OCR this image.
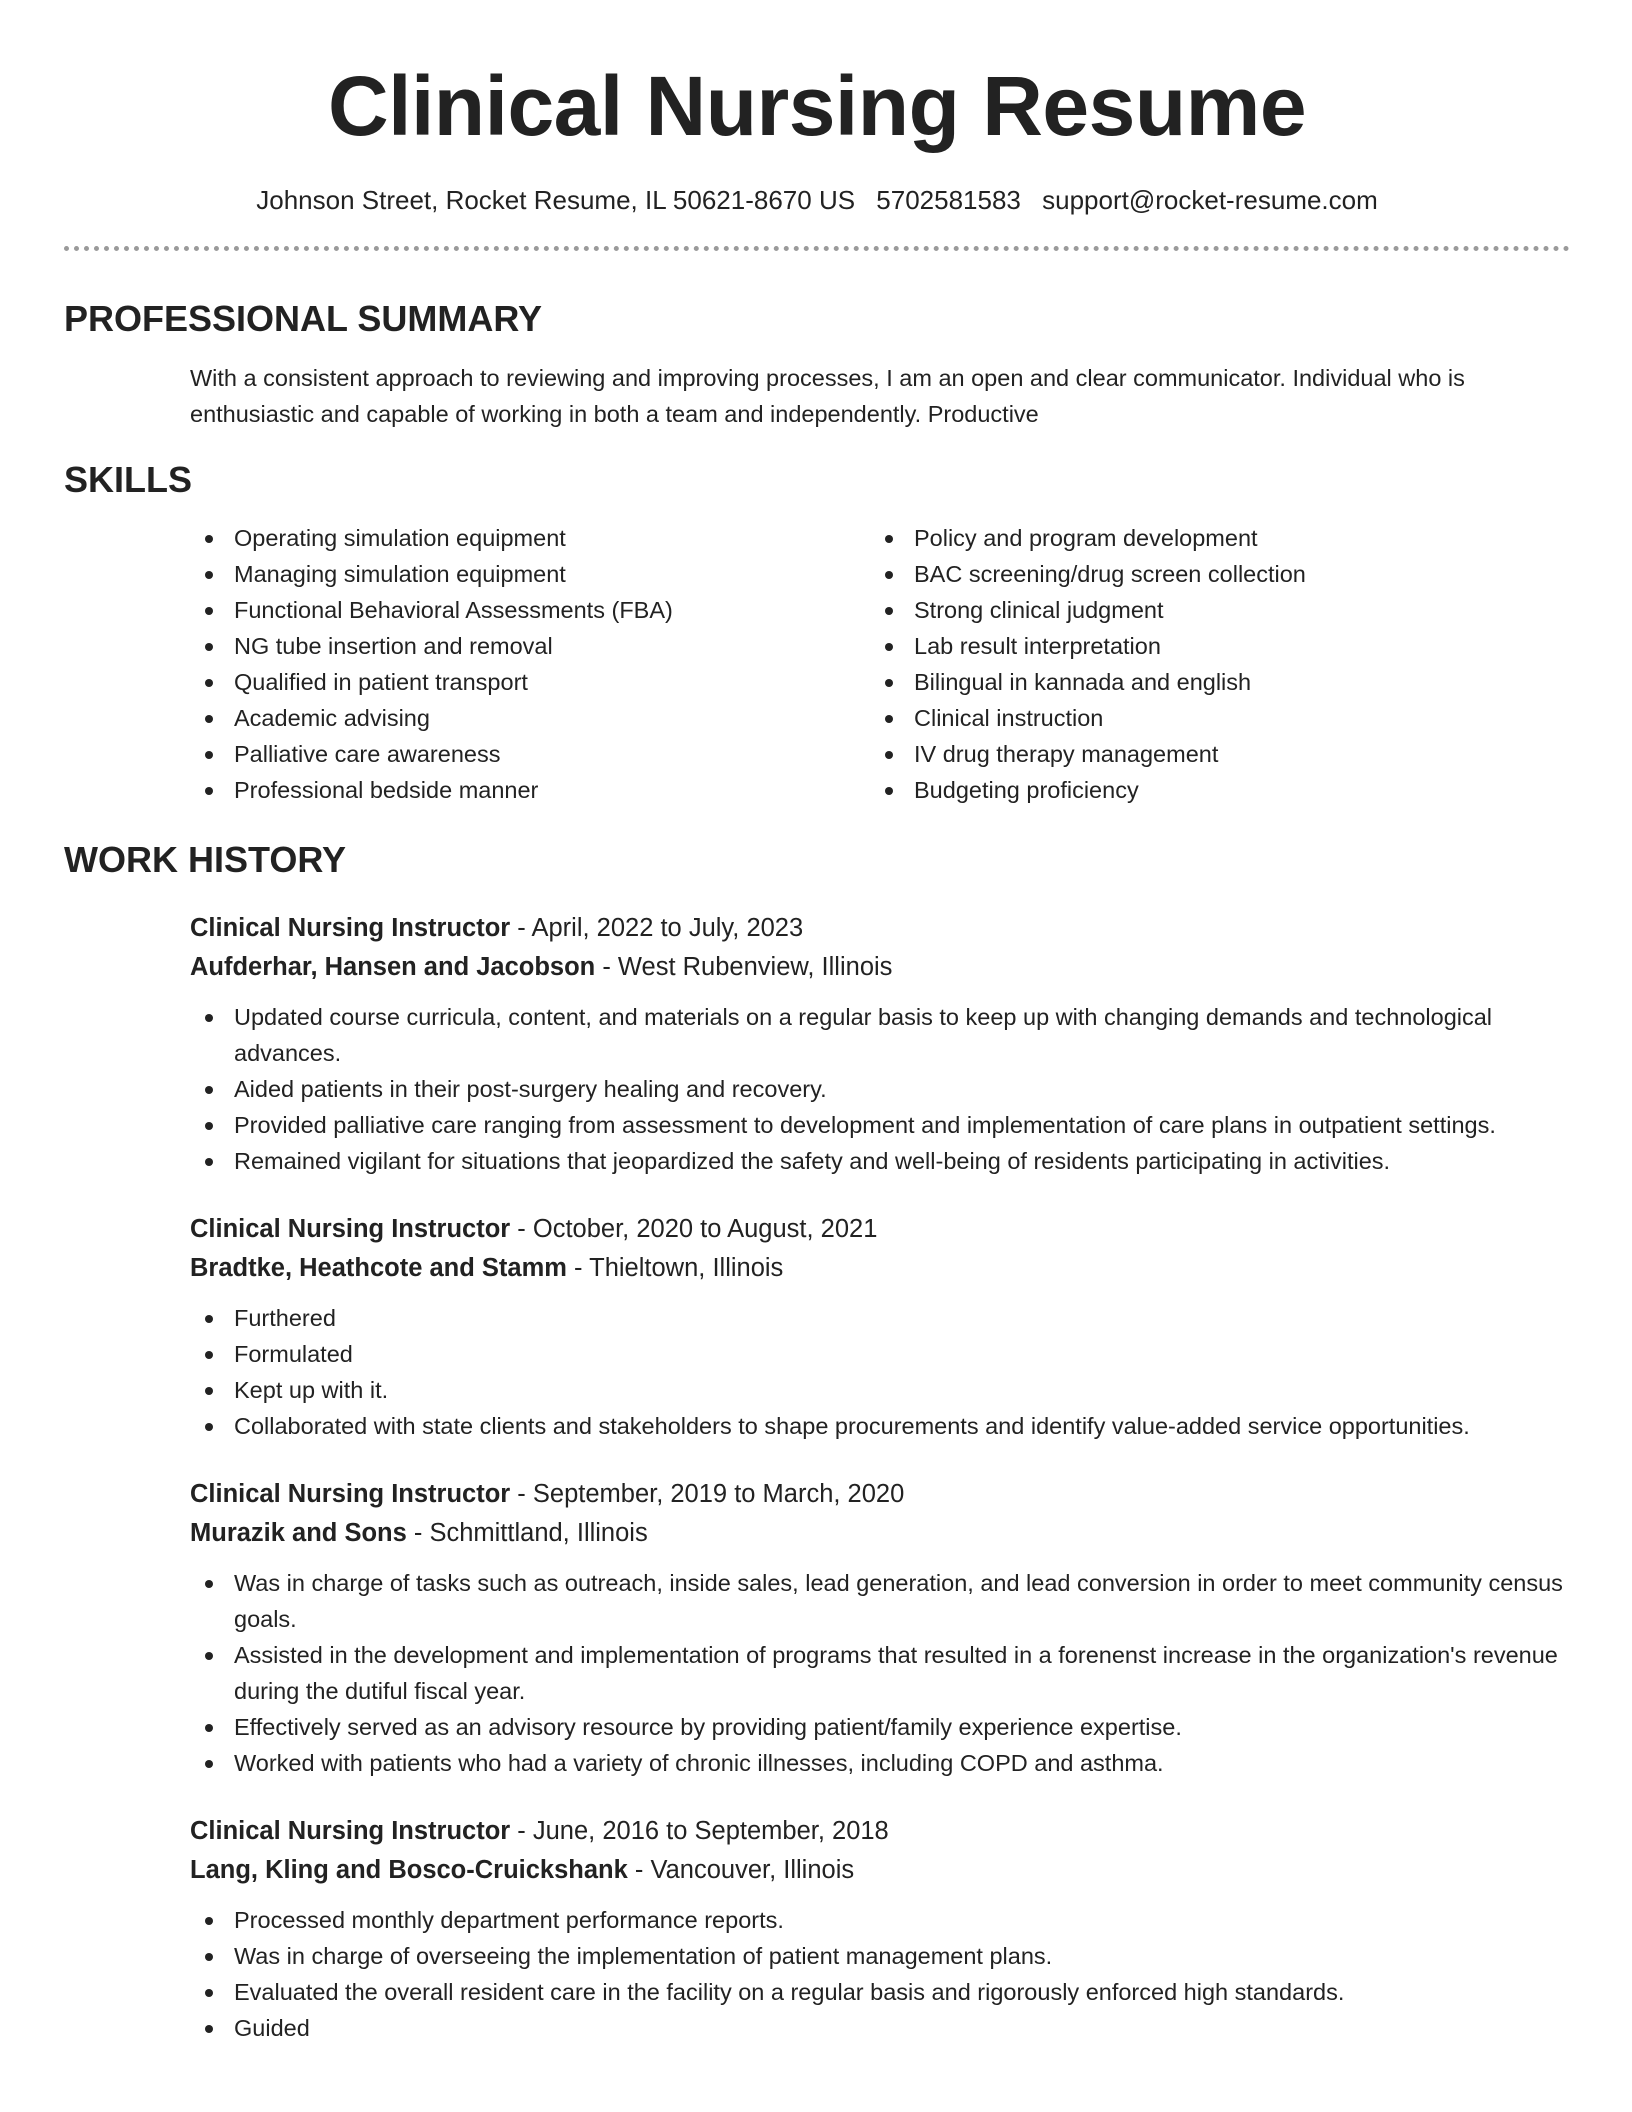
Clinical Nursing Resume
Johnson Street, Rocket Resume, IL 50621-8670 US 5702581583 support@rocket-resume.com
PROFESSIONAL SUMMARY

With a consistent approach to reviewing and improving processes, I am an open and clear communicator. Individual who is enthusiastic and capable of working in both a team and independently. Productive

SKILLS
Operating simulation equipment
Managing simulation equipment
Functional Behavioral Assessments (FBA)
NG tube insertion and removal
Qualified in patient transport
Academic advising
Palliative care awareness
Professional bedside manner
Policy and program development
BAC screening/drug screen collection
Strong clinical judgment
Lab result interpretation
Bilingual in kannada and english
Clinical instruction
IV drug therapy management
Budgeting proficiency
WORK HISTORY
Clinical Nursing Instructor - April, 2022 to July, 2023
Aufderhar, Hansen and Jacobson - West Rubenview, Illinois
Updated course curricula, content, and materials on a regular basis to keep up with changing demands and technological advances.
Aided patients in their post-surgery healing and recovery.
Provided palliative care ranging from assessment to development and implementation of care plans in outpatient settings.
Remained vigilant for situations that jeopardized the safety and well-being of residents participating in activities.
Clinical Nursing Instructor - October, 2020 to August, 2021
Bradtke, Heathcote and Stamm - Thieltown, Illinois
Furthered
Formulated
Kept up with it.
Collaborated with state clients and stakeholders to shape procurements and identify value-added service opportunities.
Clinical Nursing Instructor - September, 2019 to March, 2020
Murazik and Sons - Schmittland, Illinois
Was in charge of tasks such as outreach, inside sales, lead generation, and lead conversion in order to meet community census goals.
Assisted in the development and implementation of programs that resulted in a forenenst increase in the organization's revenue during the dutiful fiscal year.
Effectively served as an advisory resource by providing patient/family experience expertise.
Worked with patients who had a variety of chronic illnesses, including COPD and asthma.
Clinical Nursing Instructor - June, 2016 to September, 2018
Lang, Kling and Bosco-Cruickshank - Vancouver, Illinois
Processed monthly department performance reports.
Was in charge of overseeing the implementation of patient management plans.
Evaluated the overall resident care in the facility on a regular basis and rigorously enforced high standards.
Guided
